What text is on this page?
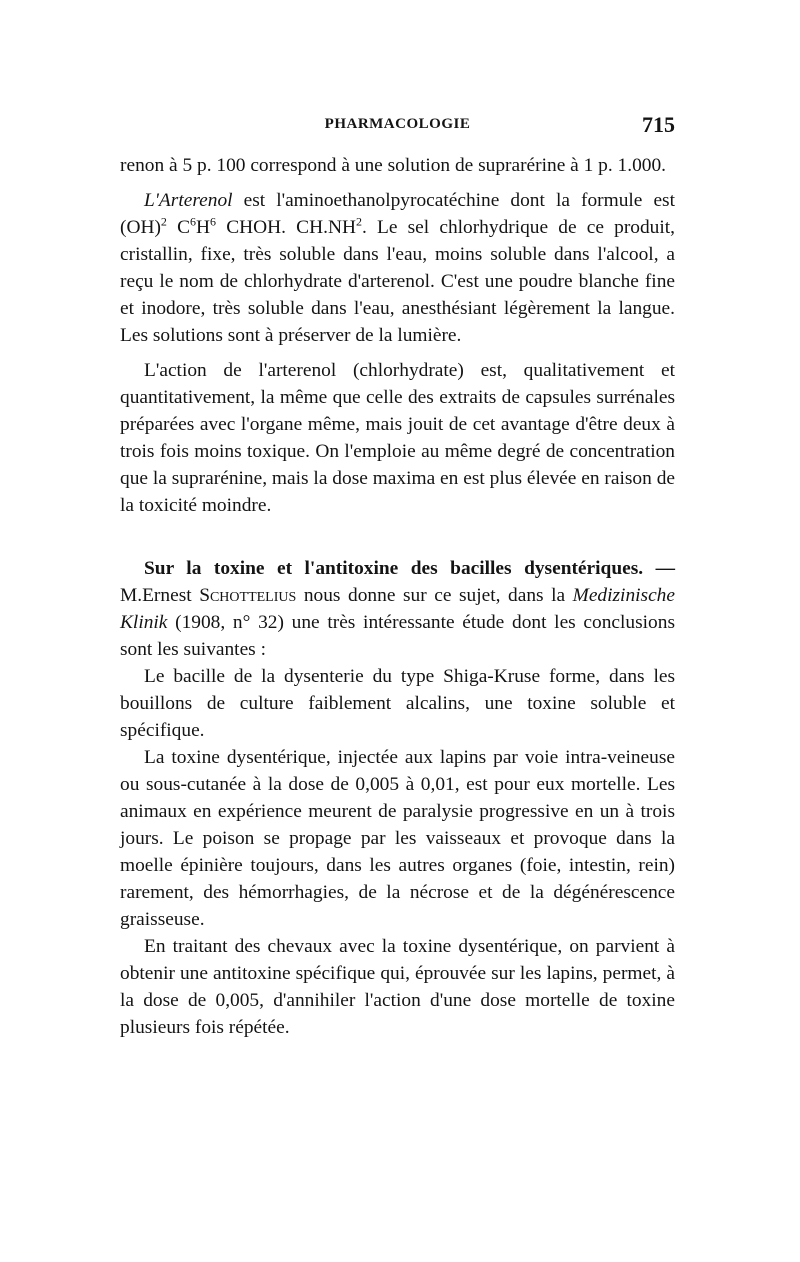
PHARMACOLOGIE	715

renon à 5 p. 100 correspond à une solution de suprarérine à 1 p. 1.000.

L'Arterenol est l'aminoethanolpyrocatéchine dont la formule est (OH)$^2$ $C^6H^6$ CHOH. $CH.NH^2$. Le sel chlorhydrique de ce produit, cristallin, fixe, très soluble dans l'eau, moins soluble dans l'alcool, a reçu le nom de chlorhydrate d'arterenol. C'est une poudre blanche fine et inodore, très soluble dans l'eau, anesthésiant légèrement la langue. Les solutions sont à préserver de la lumière.

L'action de l'arterenol (chlorhydrate) est, qualitativement et quantitativement, la même que celle des extraits de capsules surrénales préparées avec l'organe même, mais jouit de cet avantage d'être deux à trois fois moins toxique. On l'emploie au même degré de concentration que la suprarénine, mais la dose maxima en est plus élevée en raison de la toxicité moindre.

Sur la toxine et l'antitoxine des bacilles dysentériques. — M.Ernest Schottelius nous donne sur ce sujet, dans la Medizinische Klinik (1908, n° 32) une très intéressante étude dont les conclusions sont les suivantes :

Le bacille de la dysenterie du type Shiga-Kruse forme, dans les bouillons de culture faiblement alcalins, une toxine soluble et spécifique.

La toxine dysentérique, injectée aux lapins par voie intra-veineuse ou sous-cutanée à la dose de 0,005 à 0,01, est pour eux mortelle. Les animaux en expérience meurent de paralysie progressive en un à trois jours. Le poison se propage par les vaisseaux et provoque dans la moelle épinière toujours, dans les autres organes (foie, intestin, rein) rarement, des hémorrhagies, de la nécrose et de la dégénérescence graisseuse.

En traitant des chevaux avec la toxine dysentérique, on parvient à obtenir une antitoxine spécifique qui, éprouvée sur les lapins, permet, à la dose de 0,005, d'annihiler l'action d'une dose mortelle de toxine plusieurs fois répétée.
